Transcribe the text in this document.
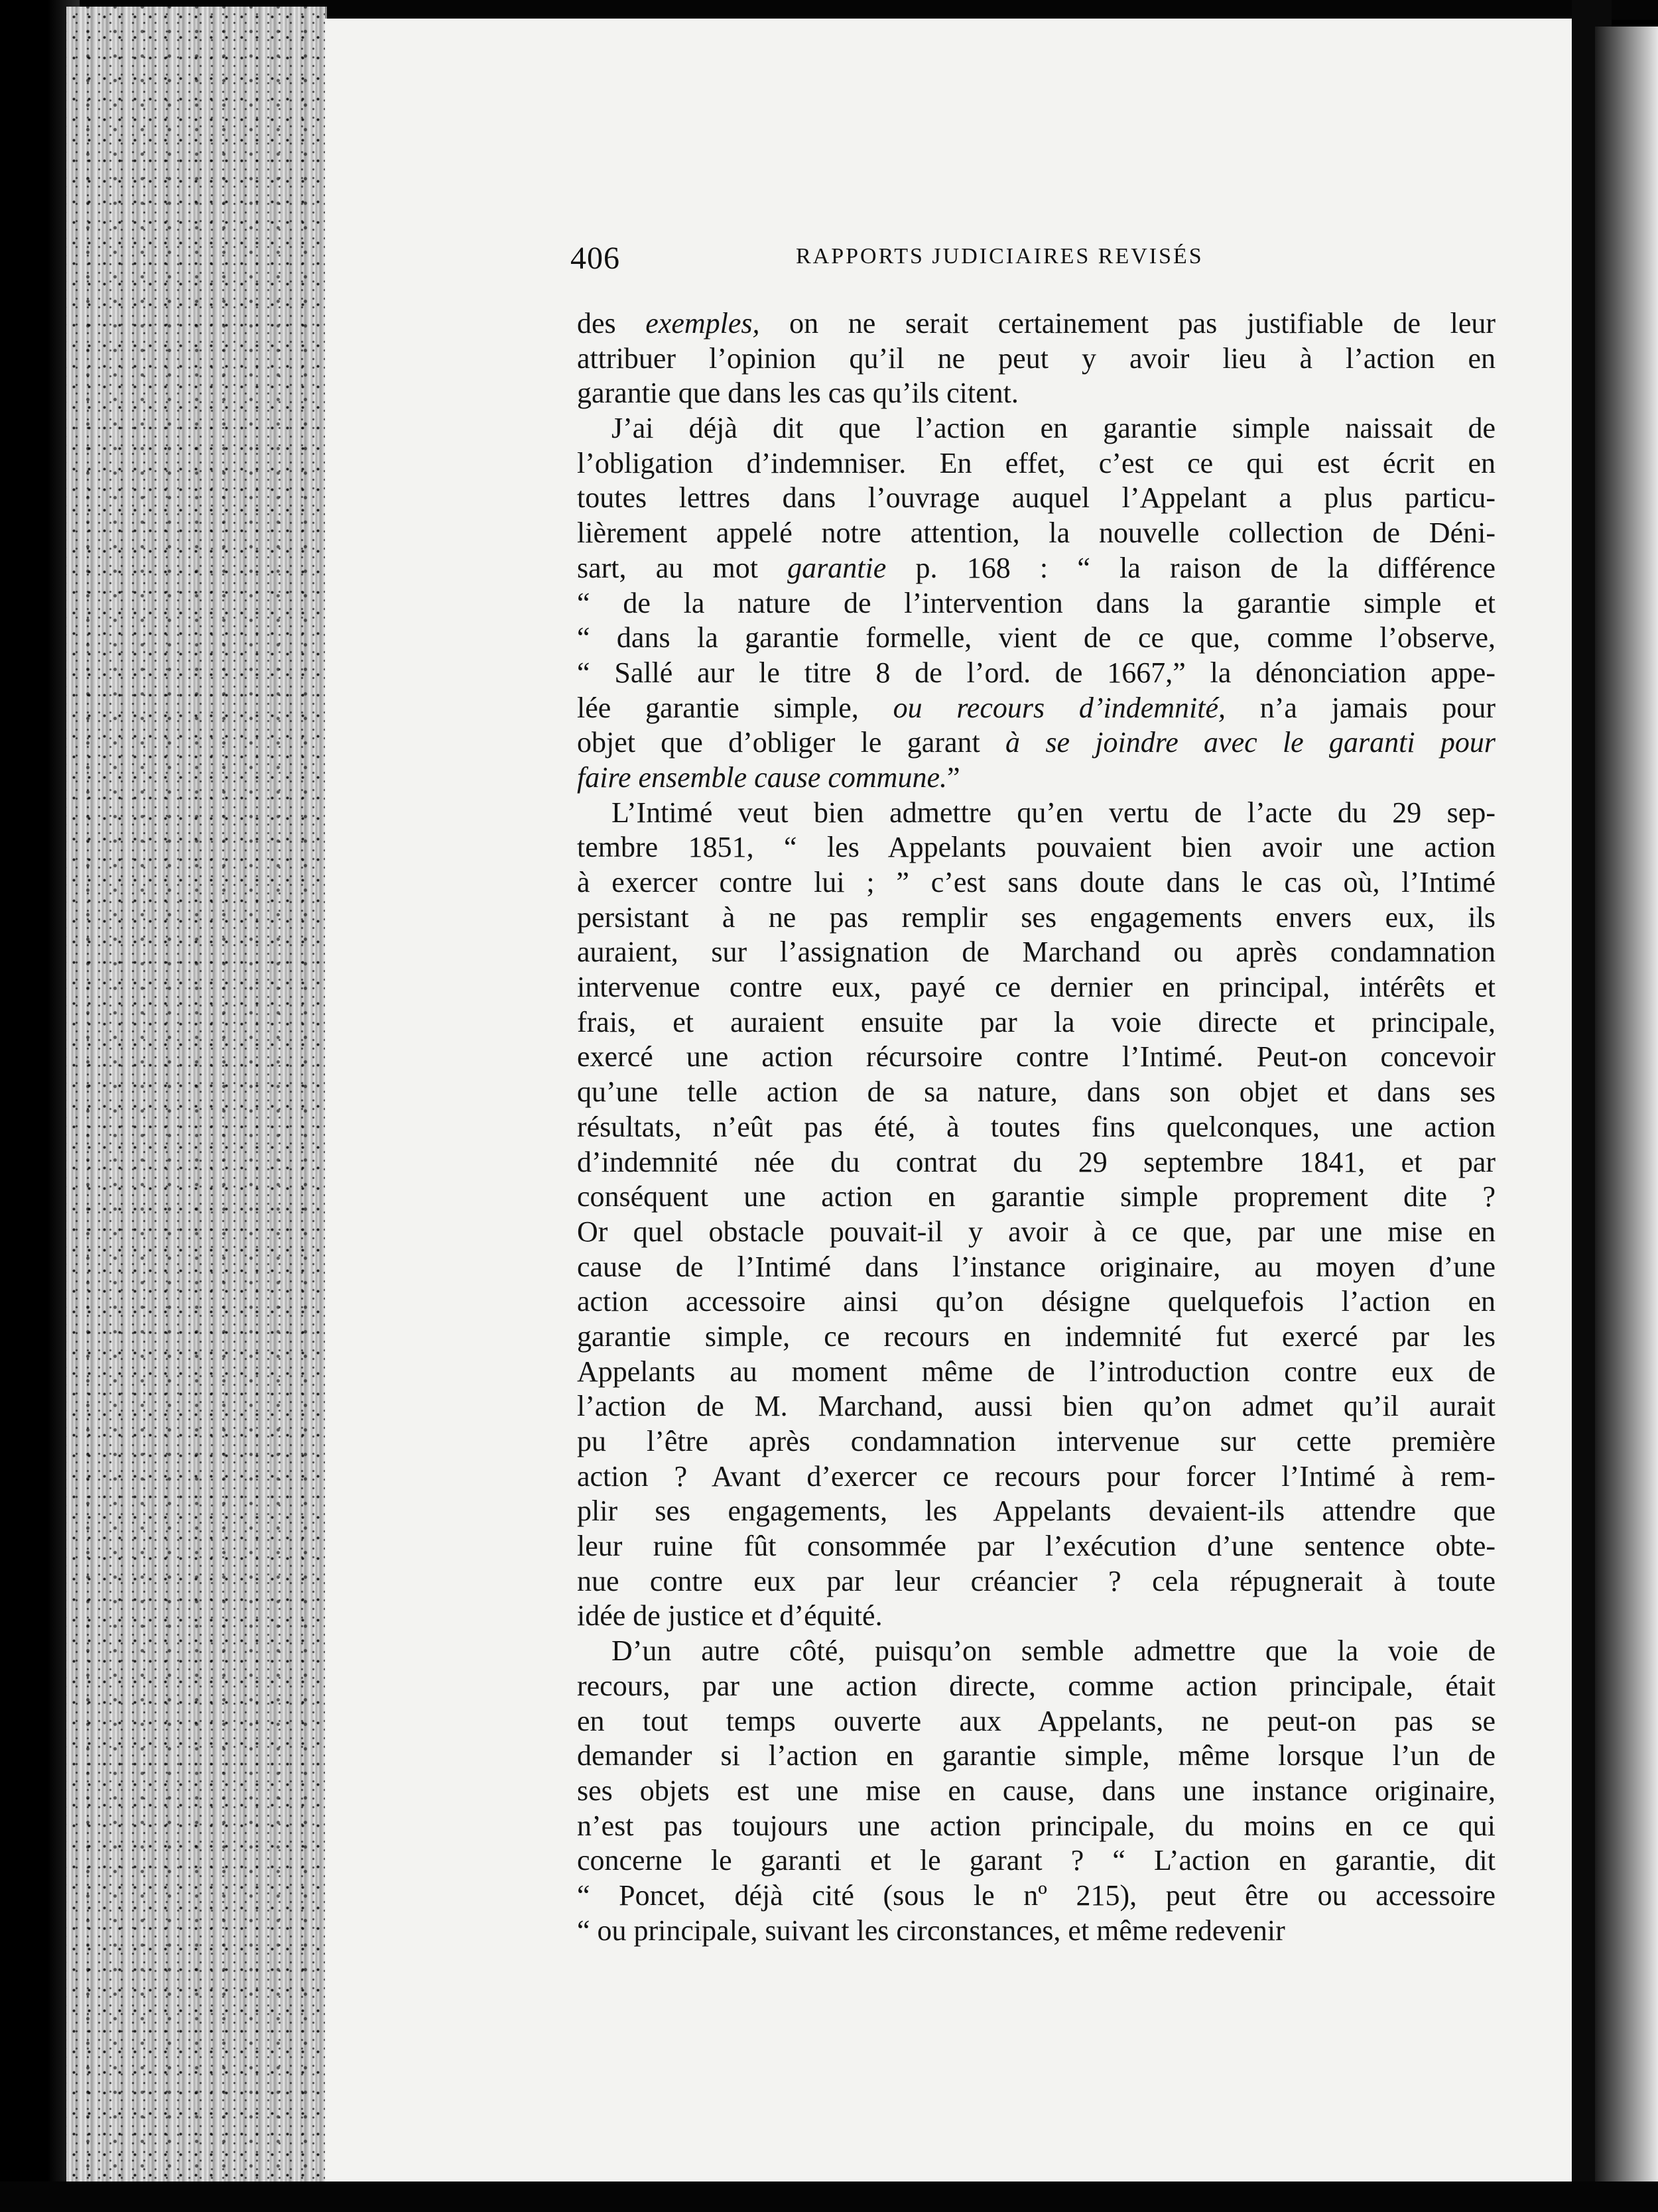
406	RAPPORTS JUDICIAIRES REVISÉS
des exemples, on ne serait certainement pas justifiable de leur
attribuer l’opinion qu’il ne peut y avoir lieu à l’action en
garantie que dans les cas qu’ils citent.
J’ai déjà dit que l’action en garantie simple naissait de
l’obligation d’indemniser. En effet, c’est ce qui est écrit en
toutes lettres dans l’ouvrage auquel l’Appelant a plus particu-
lièrement appelé notre attention, la nouvelle collection de Déni-
sart, au mot garantie p. 168 : “ la raison de la différence
“ de la nature de l’intervention dans la garantie simple et
“ dans la garantie formelle, vient de ce que, comme l’observe,
“ Sallé aur le titre 8 de l’ord. de 1667,” la dénonciation appe-
lée garantie simple, ou recours d’indemnité, n’a jamais pour
objet que d’obliger le garant à se joindre avec le garanti pour
faire ensemble cause commune.”
L’Intimé veut bien admettre qu’en vertu de l’acte du 29 sep-
tembre 1851, “ les Appelants pouvaient bien avoir une action
à exercer contre lui ; ” c’est sans doute dans le cas où, l’Intimé
persistant à ne pas remplir ses engagements envers eux, ils
auraient, sur l’assignation de Marchand ou après condamnation
intervenue contre eux, payé ce dernier en principal, intérêts et
frais, et auraient ensuite par la voie directe et principale,
exercé une action récursoire contre l’Intimé. Peut-on concevoir
qu’une telle action de sa nature, dans son objet et dans ses
résultats, n’eût pas été, à toutes fins quelconques, une action
d’indemnité née du contrat du 29 septembre 1841, et par
conséquent une action en garantie simple proprement dite ?
Or quel obstacle pouvait-il y avoir à ce que, par une mise en
cause de l’Intimé dans l’instance originaire, au moyen d’une
action accessoire ainsi qu’on désigne quelquefois l’action en
garantie simple, ce recours en indemnité fut exercé par les
Appelants au moment même de l’introduction contre eux de
l’action de M. Marchand, aussi bien qu’on admet qu’il aurait
pu l’être après condamnation intervenue sur cette première
action ? Avant d’exercer ce recours pour forcer l’Intimé à rem-
plir ses engagements, les Appelants devaient-ils attendre que
leur ruine fût consommée par l’exécution d’une sentence obte-
nue contre eux par leur créancier ? cela répugnerait à toute
idée de justice et d’équité.
D’un autre côté, puisqu’on semble admettre que la voie de
recours, par une action directe, comme action principale, était
en tout temps ouverte aux Appelants, ne peut-on pas se
demander si l’action en garantie simple, même lorsque l’un de
ses objets est une mise en cause, dans une instance originaire,
n’est pas toujours une action principale, du moins en ce qui
concerne le garanti et le garant ? “ L’action en garantie, dit
“ Poncet, déjà cité (sous le nº 215), peut être ou accessoire
“ ou principale, suivant les circonstances, et même redevenir
